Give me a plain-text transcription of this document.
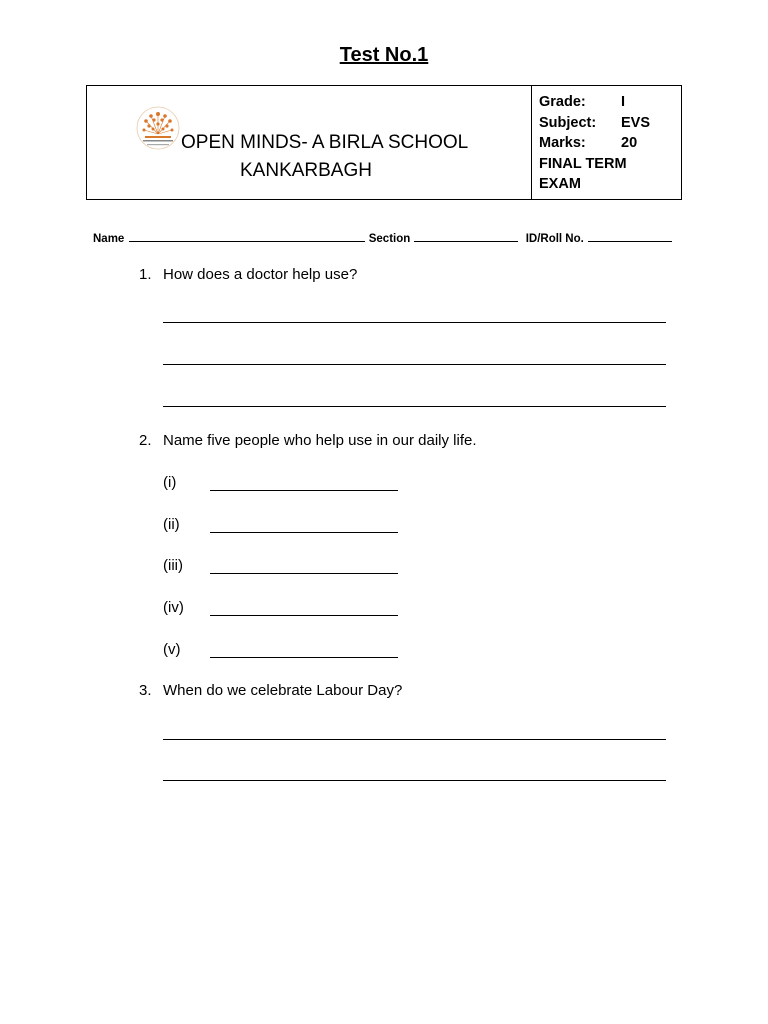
Test No.1
OPEN MINDS- A BIRLA SCHOOL
KANKARBAGH
Grade:	I
Subject:	EVS
Marks:	20
FINAL TERM
EXAM
Name	Section	ID/Roll No.
1. How does a doctor help use?
2. Name five people who help use in our daily life.
(i)
(ii)
(iii)
(iv)
(v)
3. When do we celebrate Labour Day?
